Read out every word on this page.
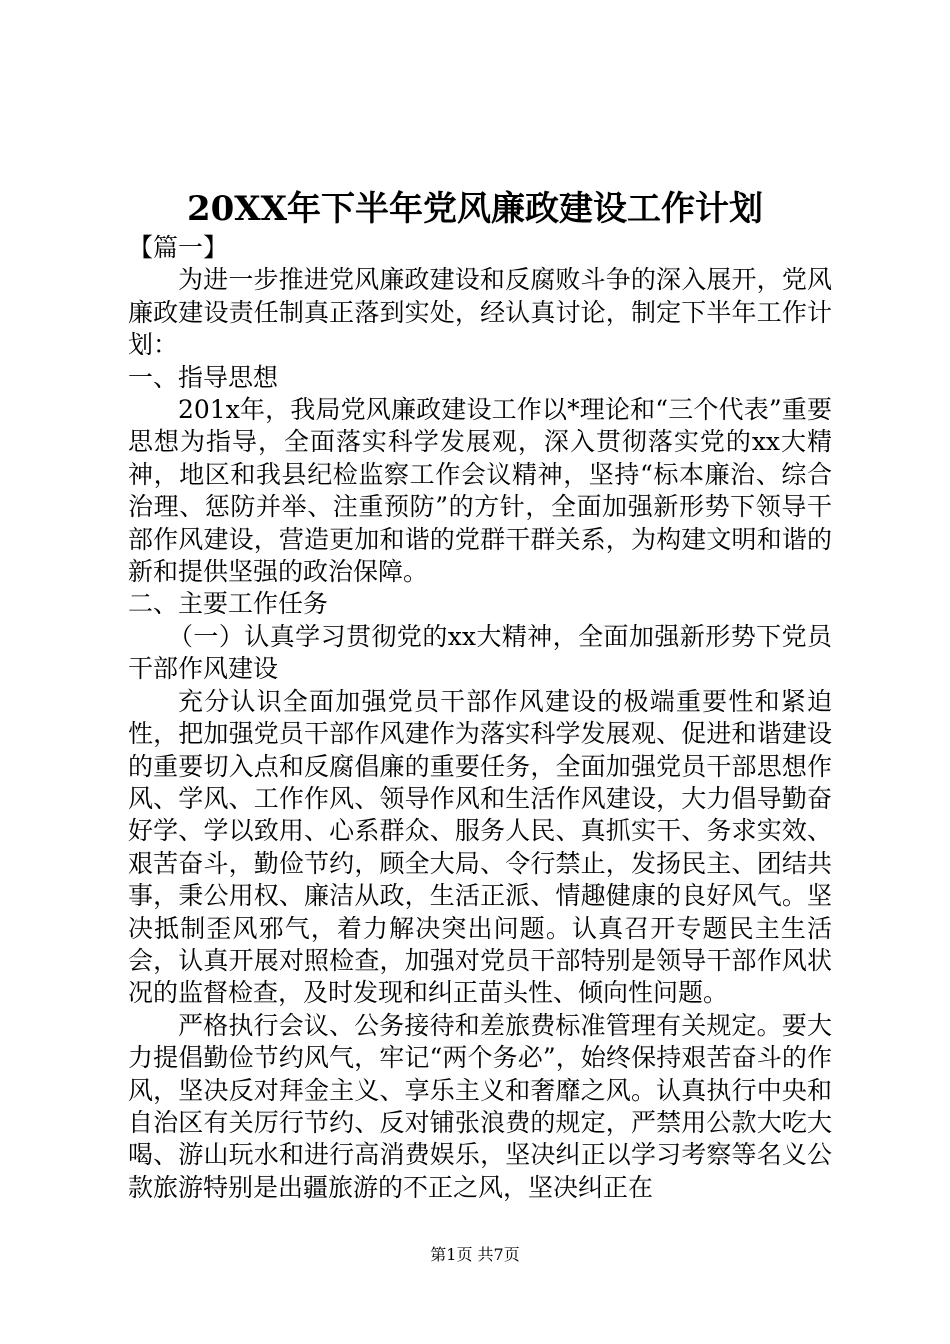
20XX年下半年党风廉政建设工作计划

【篇一】

为进一步推进党风廉政建设和反腐败斗争的深入展开，党风廉政建设责任制真正落到实处，经认真讨论，制定下半年工作计划：

一、指导思想

201x年，我局党风廉政建设工作以*理论和“三个代表”重要思想为指导，全面落实科学发展观，深入贯彻落实党的xx大精神，地区和我县纪检监察工作会议精神，坚持“标本廉治、综合治理、惩防并举、注重预防”的方针，全面加强新形势下领导干部作风建设，营造更加和谐的党群干群关系，为构建文明和谐的新和提供坚强的政治保障。

二、主要工作任务

（一）认真学习贯彻党的xx大精神，全面加强新形势下党员干部作风建设

充分认识全面加强党员干部作风建设的极端重要性和紧迫性，把加强党员干部作风建作为落实科学发展观、促进和谐建设的重要切入点和反腐倡廉的重要任务，全面加强党员干部思想作风、学风、工作作风、领导作风和生活作风建设，大力倡导勤奋好学、学以致用、心系群众、服务人民、真抓实干、务求实效、艰苦奋斗，勤俭节约，顾全大局、令行禁止，发扬民主、团结共事，秉公用权、廉洁从政，生活正派、情趣健康的良好风气。坚决抵制歪风邪气，着力解决突出问题。认真召开专题民主生活会，认真开展对照检查，加强对党员干部特别是领导干部作风状况的监督检查，及时发现和纠正苗头性、倾向性问题。

严格执行会议、公务接待和差旅费标准管理有关规定。要大力提倡勤俭节约风气，牢记“两个务必”，始终保持艰苦奋斗的作风，坚决反对拜金主义、享乐主义和奢靡之风。认真执行中央和自治区有关厉行节约、反对铺张浪费的规定，严禁用公款大吃大喝、游山玩水和进行高消费娱乐，坚决纠正以学习考察等名义公款旅游特别是出疆旅游的不正之风，坚决纠正在

第1页 共7页
